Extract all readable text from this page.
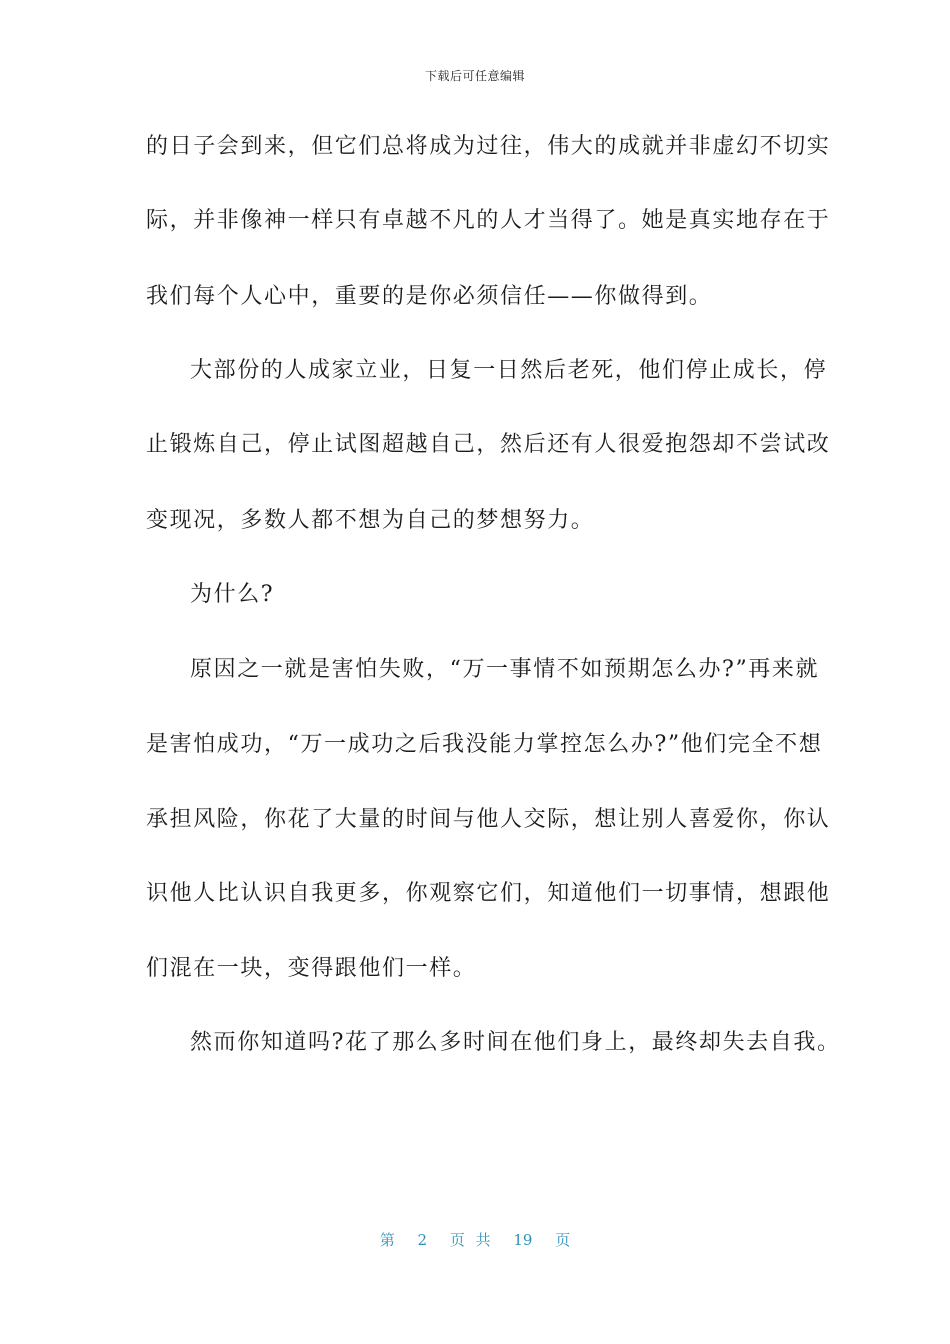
下载后可任意编辑
的日子会到来，但它们总将成为过往，伟大的成就并非虚幻不切实
际，并非像神一样只有卓越不凡的人才当得了。她是真实地存在于
我们每个人心中，重要的是你必须信任——你做得到。
大部份的人成家立业，日复一日然后老死，他们停止成长，停
止锻炼自己，停止试图超越自己，然后还有人很爱抱怨却不尝试改
变现况，多数人都不想为自己的梦想努力。
为什么?
原因之一就是害怕失败，“万一事情不如预期怎么办?”再来就
是害怕成功，“万一成功之后我没能力掌控怎么办?”他们完全不想
承担风险，你花了大量的时间与他人交际，想让别人喜爱你，你认
识他人比认识自我更多，你观察它们，知道他们一切事情，想跟他
们混在一块，变得跟他们一样。
然而你知道吗?花了那么多时间在他们身上，最终却失去自我。
第 2 页 共 19 页
